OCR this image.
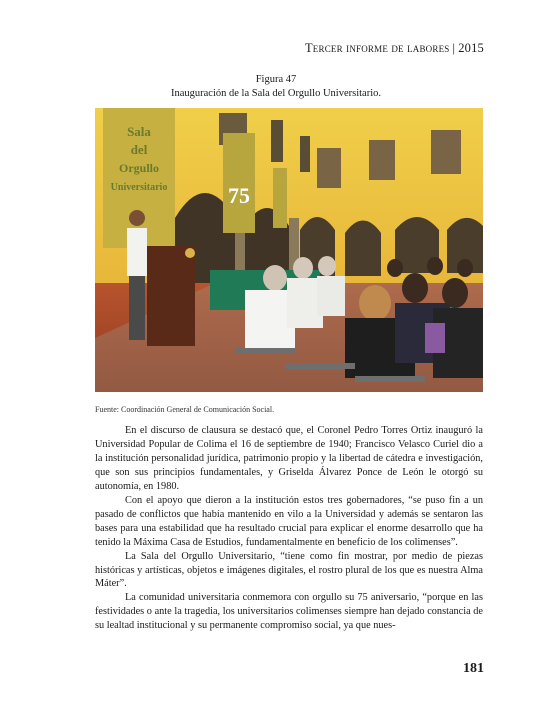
Tercer informe de labores | 2015
Figura 47
Inauguración de la Sala del Orgullo Universitario.
Sala
del
Orgullo
Universitario	75
Fuente: Coordinación General de Comunicación Social.

En el discurso de clausura se destacó que, el Coronel Pedro Torres Ortiz inauguró la Universidad Popular de Colima el 16 de septiembre de 1940; Francisco Velasco Curiel dio a la institución personalidad jurídica, patrimonio propio y la libertad de cátedra e investigación, que son sus principios fundamentales, y Griselda Álvarez Ponce de León le otorgó su autonomía, en 1980.

Con el apoyo que dieron a la institución estos tres gobernadores, “se puso fin a un pasado de conflictos que había mantenido en vilo a la Universidad y además se sentaron las bases para una estabilidad que ha resultado crucial para explicar el enorme desarrollo que ha tenido la Máxima Casa de Estudios, fundamentalmente en beneficio de los colimenses”.

La Sala del Orgullo Universitario, “tiene como fin mostrar, por medio de piezas históricas y artísticas, objetos e imágenes digitales, el rostro plural de los que es nuestra Alma Máter”.

La comunidad universitaria conmemora con orgullo su 75 aniversario, “porque en las festividades o ante la tragedia, los universitarios colimenses siempre han dejado constancia de su lealtad institucional y su permanente compromiso social, ya que nues-

181
